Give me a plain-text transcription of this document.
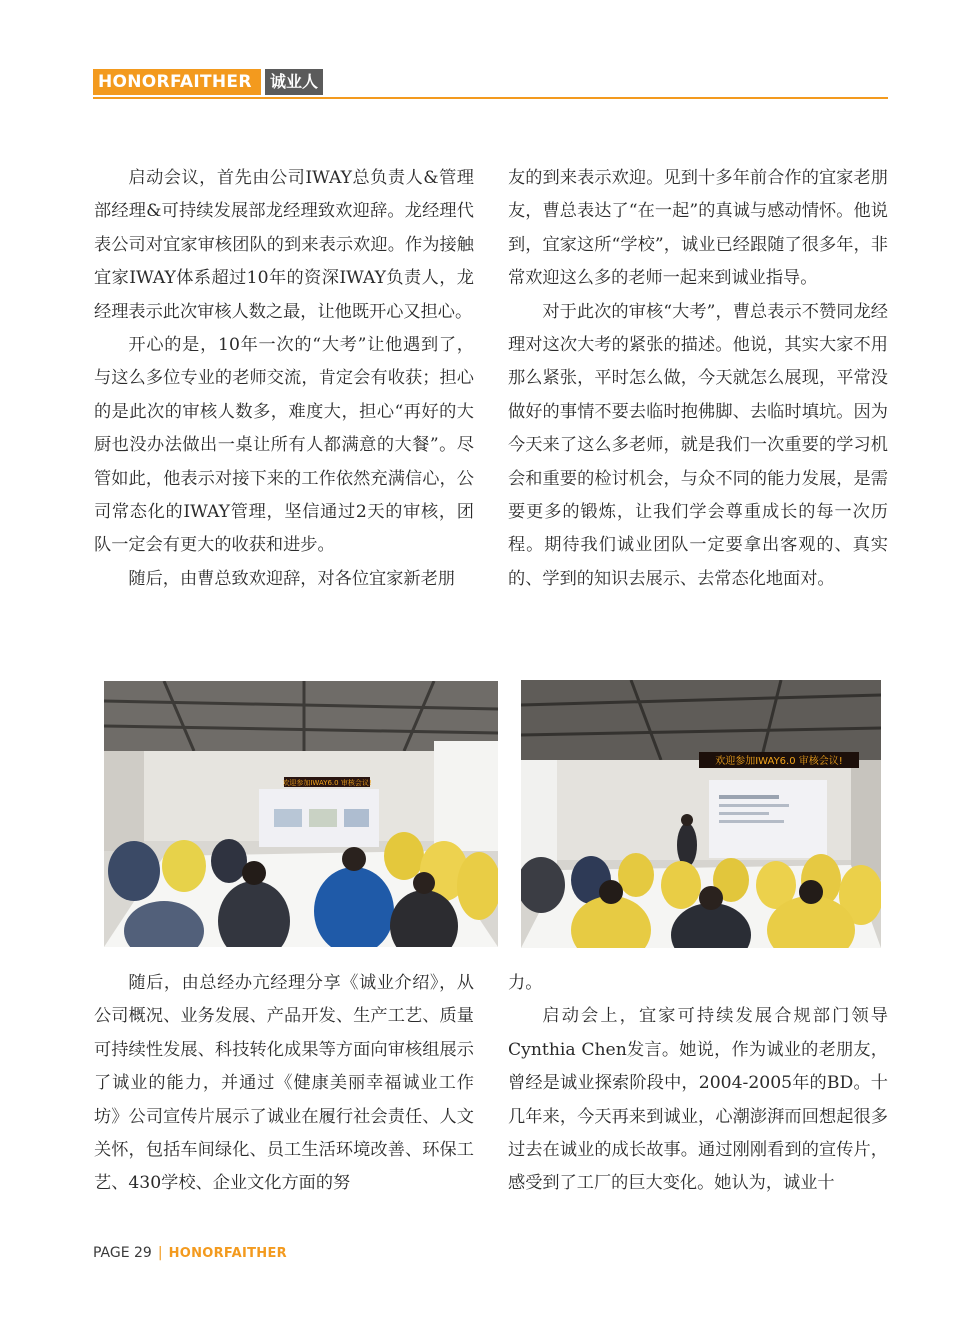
HONORFAITHER	诚业人

启动会议，首先由公司IWAY总负责人&管理部经理&可持续发展部龙经理致欢迎辞。龙经理代表公司对宜家审核团队的到来表示欢迎。作为接触宜家IWAY体系超过10年的资深IWAY负责人，龙经理表示此次审核人数之最，让他既开心又担心。

开心的是，10年一次的“大考”让他遇到了，与这么多位专业的老师交流，肯定会有收获；担心的是此次的审核人数多，难度大，担心“再好的大厨也没办法做出一桌让所有人都满意的大餐”。尽管如此，他表示对接下来的工作依然充满信心，公司常态化的IWAY管理，坚信通过2天的审核，团队一定会有更大的收获和进步。

随后，由曹总致欢迎辞，对各位宜家新老朋

友的到来表示欢迎。见到十多年前合作的宜家老朋友，曹总表达了“在一起”的真诚与感动情怀。他说到，宜家这所“学校”，诚业已经跟随了很多年，非常欢迎这么多的老师一起来到诚业指导。

对于此次的审核“大考”，曹总表示不赞同龙经理对这次大考的紧张的描述。他说，其实大家不用那么紧张，平时怎么做，今天就怎么展现，平常没做好的事情不要去临时抱佛脚、去临时填坑。因为今天来了这么多老师，就是我们一次重要的学习机会和重要的检讨机会，与众不同的能力发展，是需要更多的锻炼，让我们学会尊重成长的每一次历程。期待我们诚业团队一定要拿出客观的、真实的、学到的知识去展示、去常态化地面对。

欢迎参加IWAY6.0 审核会议!
欢迎参加IWAY6.0 审核会议!

随后，由总经办亢经理分享《诚业介绍》，从公司概况、业务发展、产品开发、生产工艺、质量可持续性发展、科技转化成果等方面向审核组展示了诚业的能力，并通过《健康美丽幸福诚业工作坊》公司宣传片展示了诚业在履行社会责任、人文关怀，包括车间绿化、员工生活环境改善、环保工艺、430学校、企业文化方面的努

力。

启动会上，宜家可持续发展合规部门领导Cynthia Chen发言。她说，作为诚业的老朋友，曾经是诚业探索阶段中，2004-2005年的BD。十几年来，今天再来到诚业，心潮澎湃而回想起很多过去在诚业的成长故事。通过刚刚看到的宣传片，感受到了工厂的巨大变化。她认为，诚业十

PAGE 29 | HONORFAITHER
